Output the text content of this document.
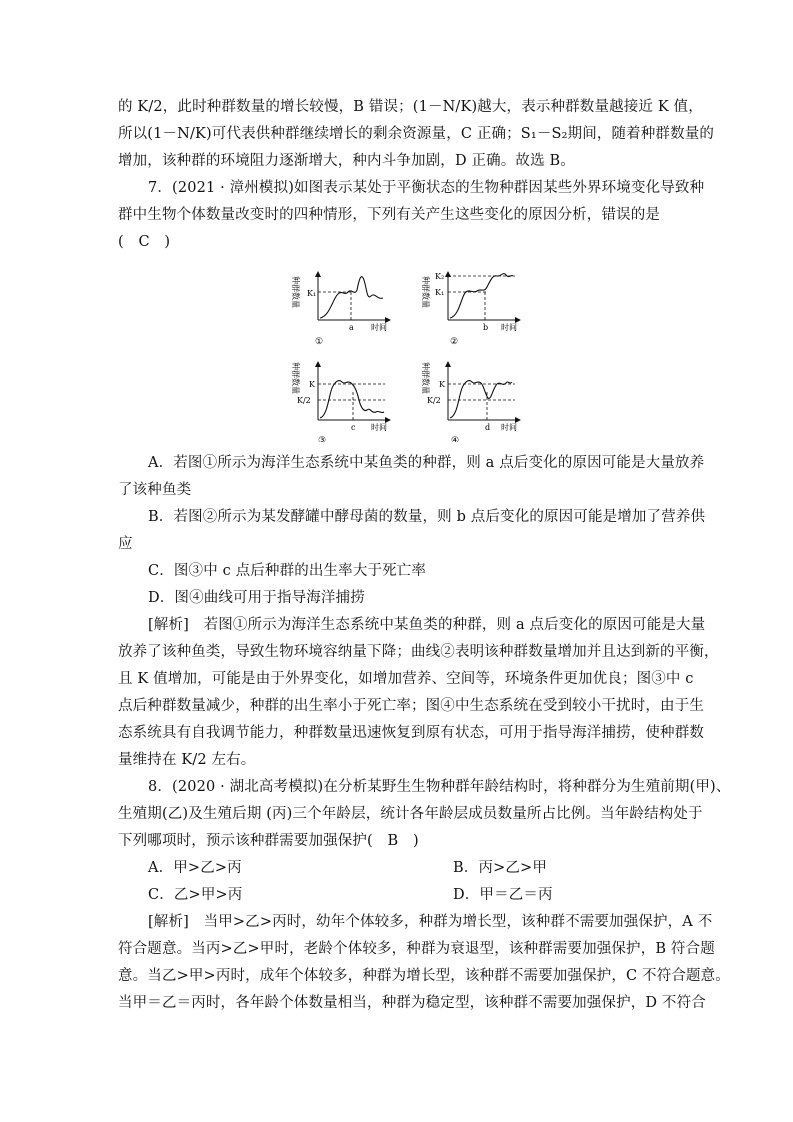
的 K/2，此时种群数量的增长较慢，B 错误；(1－N/K)越大，表示种群数量越接近 K 值，
所以(1－N/K)可代表供种群继续增长的剩余资源量，C 正确；S₁－S₂期间，随着种群数量的
增加，该种群的环境阻力逐渐增大，种内斗争加剧，D 正确。故选 B。
7．(2021 · 漳州模拟)如图表示某处于平衡状态的生物种群因某些外界环境变化导致种
群中生物个体数量改变时的四种情形，下列有关产生这些变化的原因分析，错误的是
(　C　)
K₁
a 时间
①
种群数量	K₂
K₁
b 时间
②
种群数量
K
K/2
c 时间
③
种群数量	K
K/2
d 时间
④
种群数量
A．若图①所示为海洋生态系统中某鱼类的种群，则 a 点后变化的原因可能是大量放养
了该种鱼类
B．若图②所示为某发酵罐中酵母菌的数量，则 b 点后变化的原因可能是增加了营养供
应
C．图③中 c 点后种群的出生率大于死亡率
D．图④曲线可用于指导海洋捕捞
[解析]　若图①所示为海洋生态系统中某鱼类的种群，则 a 点后变化的原因可能是大量
放养了该种鱼类，导致生物环境容纳量下降；曲线②表明该种群数量增加并且达到新的平衡，
且 K 值增加，可能是由于外界变化，如增加营养、空间等，环境条件更加优良；图③中 c
点后种群数量减少，种群的出生率小于死亡率；图④中生态系统在受到较小干扰时，由于生
态系统具有自我调节能力，种群数量迅速恢复到原有状态，可用于指导海洋捕捞，使种群数
量维持在 K/2 左右。
8．(2020 · 湖北高考模拟)在分析某野生生物种群年龄结构时，将种群分为生殖前期(甲)、
生殖期(乙)及生殖后期 (丙)三个年龄层，统计各年龄层成员数量所占比例。当年龄结构处于
下列哪项时，预示该种群需要加强保护(　B　)
A．甲>乙>丙	B．丙>乙>甲
C．乙>甲>丙	D．甲＝乙＝丙
[解析]　当甲>乙>丙时，幼年个体较多，种群为增长型，该种群不需要加强保护，A 不
符合题意。当丙>乙>甲时，老龄个体较多，种群为衰退型，该种群需要加强保护，B 符合题
意。当乙>甲>丙时，成年个体较多，种群为增长型，该种群不需要加强保护，C 不符合题意。
当甲＝乙＝丙时，各年龄个体数量相当，种群为稳定型，该种群不需要加强保护，D 不符合
